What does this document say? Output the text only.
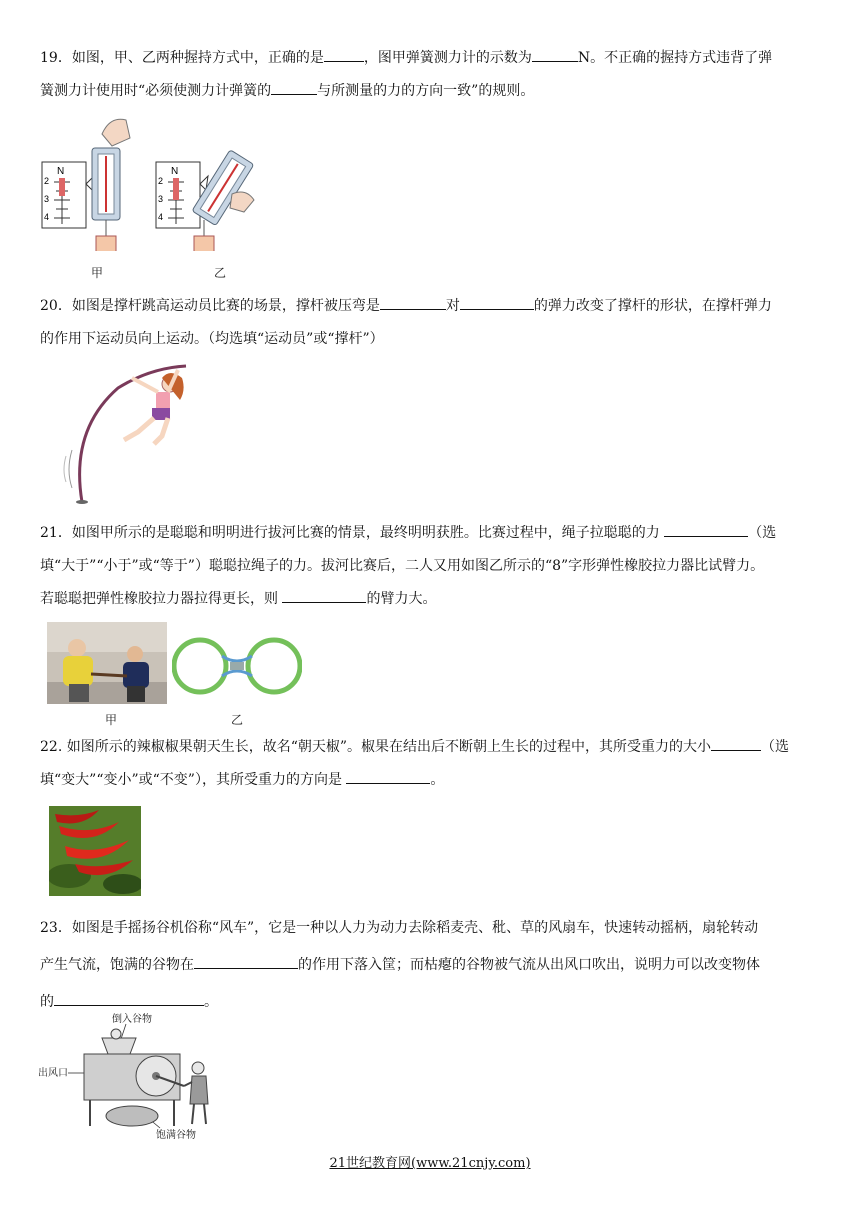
19．如图，甲、乙两种握持方式中，正确的是	，图甲弹簧测力计的示数为	N。不正确的握持方式违背了弹
簧测力计使用时“必须使测力计弹簧的	与所测量的力的方向一致”的规则。
N
2
3
4
N
2
3
4
甲	乙
20．如图是撑杆跳高运动员比赛的场景，撑杆被压弯是	对	的弹力改变了撑杆的形状，在撑杆弹力
的作用下运动员向上运动。（均选填“运动员”或“撑杆”）
21．如图甲所示的是聪聪和明明进行拔河比赛的情景，最终明明获胜。比赛过程中，绳子拉聪聪的力	（选
填“大于”“小于”或“等于”）聪聪拉绳子的力。拔河比赛后，二人又用如图乙所示的“8”字形弹性橡胶拉力器比试臂力。
若聪聪把弹性橡胶拉力器拉得更长，则	的臂力大。
甲	乙
22. 如图所示的辣椒椒果朝天生长，故名“朝天椒”。椒果在结出后不断朝上生长的过程中，其所受重力的大小	（选
填“变大”“变小”或“不变”），其所受重力的方向是	。
23．如图是手摇扬谷机俗称“风车”，它是一种以人力为动力去除稻麦壳、秕、草的风扇车，快速转动摇柄，扇轮转动
产生气流，饱满的谷物在	的作用下落入筐；而枯瘪的谷物被气流从出风口吹出，说明力可以改变物体
的	。
倒入谷物
出风口
饱满谷物
21世纪教育网(www.21cnjy.com)
